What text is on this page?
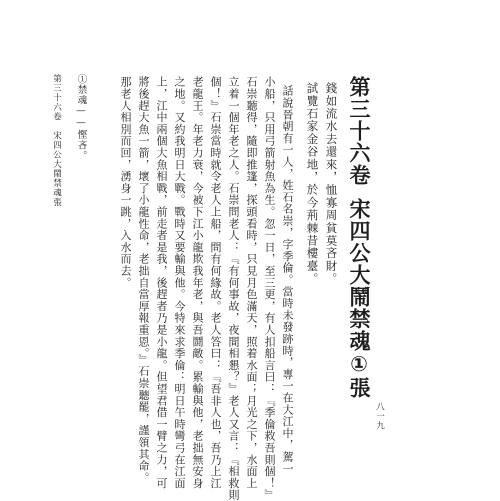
第三十六卷宋四公大鬧禁魂①張
錢如流水去還來，恤寡周貧莫吝財。
試覽石家金谷地，於今荊棘昔樓臺。
話說晉朝有一人，姓石名崇，字季倫。當時未發跡時，專一在大江中，駕一
小船，只用弓箭射魚為生。忽一日，至三更，有人扣船言曰：『季倫救吾則個！』
石崇聽得，隨即推篷，探頭看時，只見月色滿天，照着水面；月光之下，水面上
立着一個年老之人。石崇問老人：『有何事故，夜間相懇？』老人又言：『相救則
個！』石崇當時就令老人上船，問有何緣故。老人答曰：『吾非人也，吾乃上江
老龍王。年老力衰，今被下江小龍欺我年老，與吾鬪敵。累輸與他，老拙無安身
之地。又約我明日大戰。戰時又要輸與他。今特來求季倫：明日午時彎弓在江面
上，江中兩個大魚相戰，前走者是我，後趕者乃是小龍。但望君借一臂之力，可
將後趕大魚一箭，壞了小龍性命，老拙自當厚報重恩。』石崇聽罷，謹領其命。
那老人相別而回，湧身一跳，入水而去。
①禁魂——慳吝。
第三十六卷　宋四公大鬧禁魂張
八一九
